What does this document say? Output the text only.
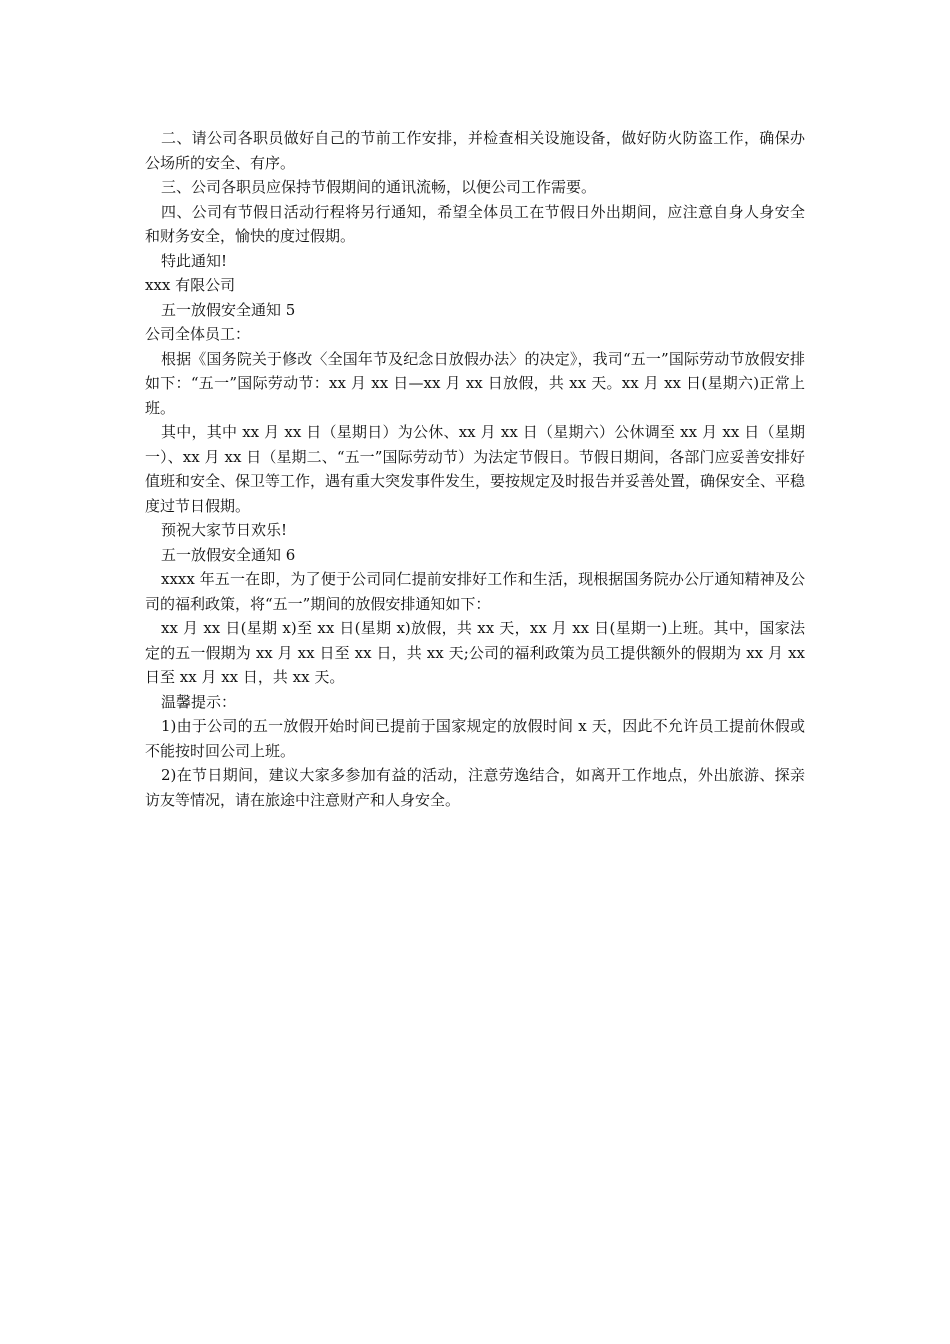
二、请公司各职员做好自己的节前工作安排，并检查相关设施设备，做好防火防盗工作，确保办公场所的安全、有序。

三、公司各职员应保持节假期间的通讯流畅，以便公司工作需要。

四、公司有节假日活动行程将另行通知，希望全体员工在节假日外出期间，应注意自身人身安全和财务安全，愉快的度过假期。

特此通知!

xxx 有限公司

五一放假安全通知 5

公司全体员工：

根据《国务院关于修改〈全国年节及纪念日放假办法〉的决定》，我司“五一”国际劳动节放假安排如下：“五一”国际劳动节：xx 月 xx 日—xx 月 xx 日放假，共 xx 天。xx 月 xx 日(星期六)正常上班。

其中，其中 xx 月 xx 日（星期日）为公休、xx 月 xx 日（星期六）公休调至 xx 月 xx 日（星期一）、xx 月 xx 日（星期二、“五一”国际劳动节）为法定节假日。节假日期间，各部门应妥善安排好值班和安全、保卫等工作，遇有重大突发事件发生，要按规定及时报告并妥善处置，确保安全、平稳度过节日假期。

预祝大家节日欢乐!

五一放假安全通知 6

xxxx 年五一在即，为了便于公司同仁提前安排好工作和生活，现根据国务院办公厅通知精神及公司的福利政策，将“五一”期间的放假安排通知如下：

xx 月 xx 日(星期 x)至 xx 日(星期 x)放假，共 xx 天，xx 月 xx 日(星期一)上班。其中，国家法定的五一假期为 xx 月 xx 日至 xx 日，共 xx 天;公司的福利政策为员工提供额外的假期为 xx 月 xx 日至 xx 月 xx 日，共 xx 天。

温馨提示：

1)由于公司的五一放假开始时间已提前于国家规定的放假时间 x 天，因此不允许员工提前休假或不能按时回公司上班。

2)在节日期间，建议大家多参加有益的活动，注意劳逸结合，如离开工作地点，外出旅游、探亲访友等情况，请在旅途中注意财产和人身安全。
